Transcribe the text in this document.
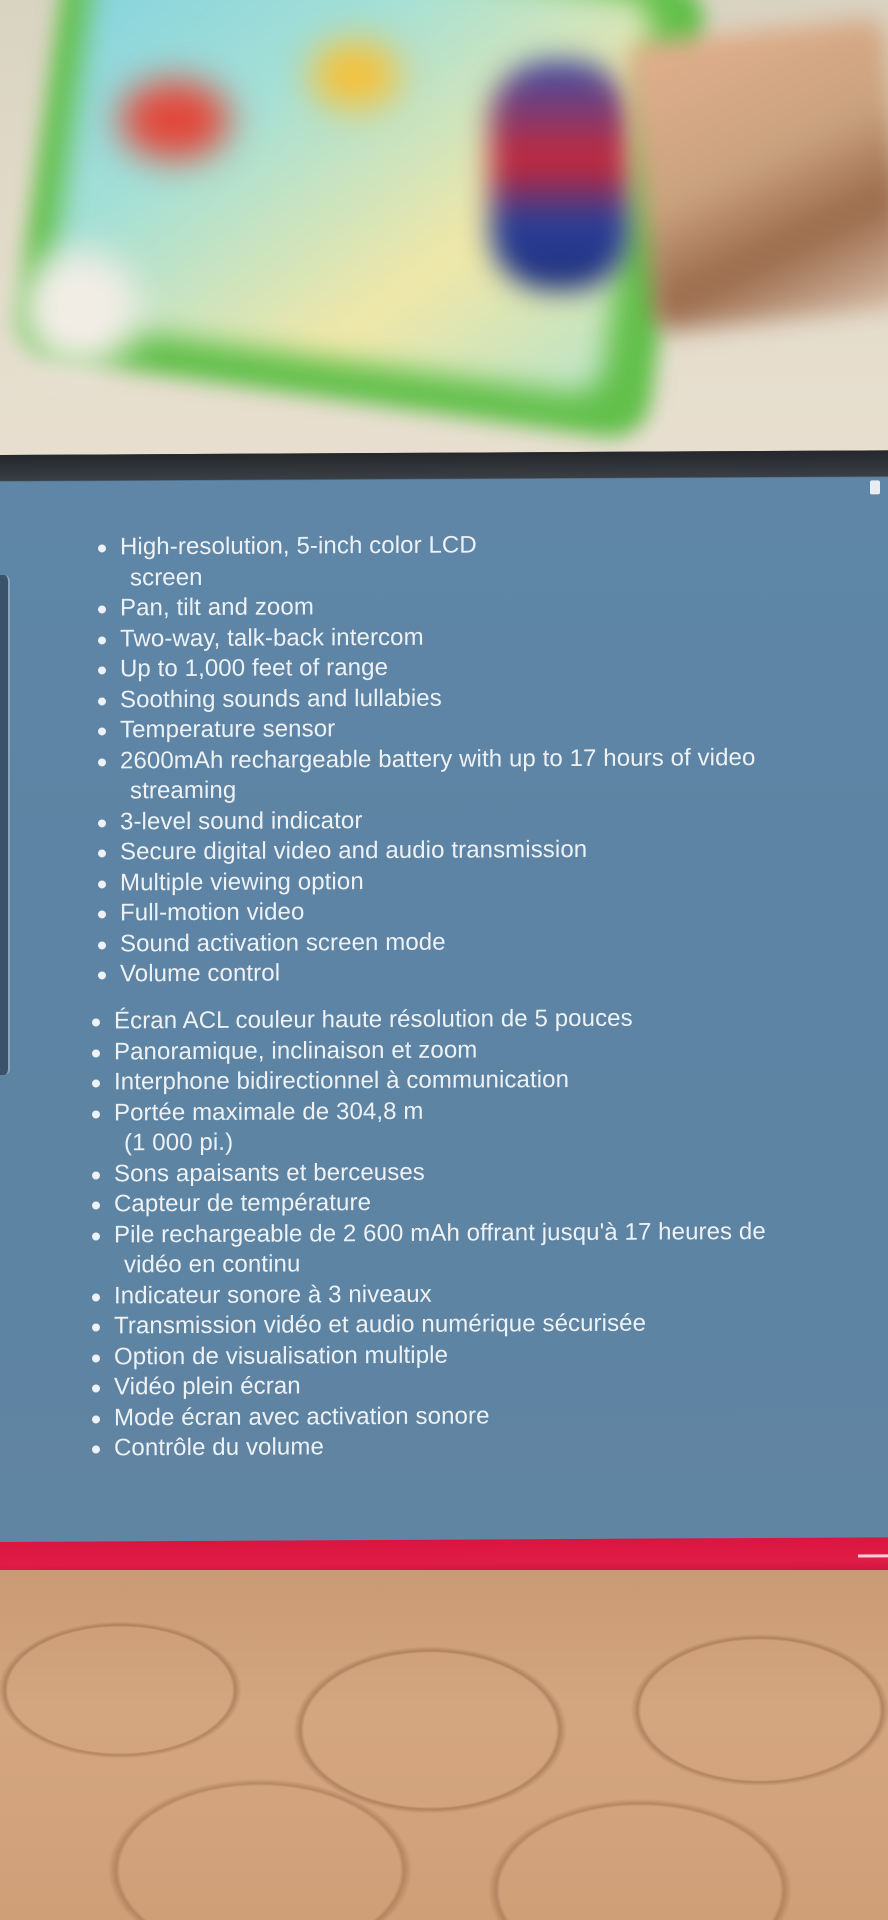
High-resolution, 5-inch color LCD
screen
Pan, tilt and zoom
Two-way, talk-back intercom
Up to 1,000 feet of range
Soothing sounds and lullabies
Temperature sensor
2600mAh rechargeable battery with up to 17 hours of video
streaming
3-level sound indicator
Secure digital video and audio transmission
Multiple viewing option
Full-motion video
Sound activation screen mode
Volume control
Écran ACL couleur haute résolution de 5 pouces
Panoramique, inclinaison et zoom
Interphone bidirectionnel à communication
Portée maximale de 304,8 m
(1 000 pi.)
Sons apaisants et berceuses
Capteur de température
Pile rechargeable de 2 600 mAh offrant jusqu'à 17 heures de
vidéo en continu
Indicateur sonore à 3 niveaux
Transmission vidéo et audio numérique sécurisée
Option de visualisation multiple
Vidéo plein écran
Mode écran avec activation sonore
Contrôle du volume
